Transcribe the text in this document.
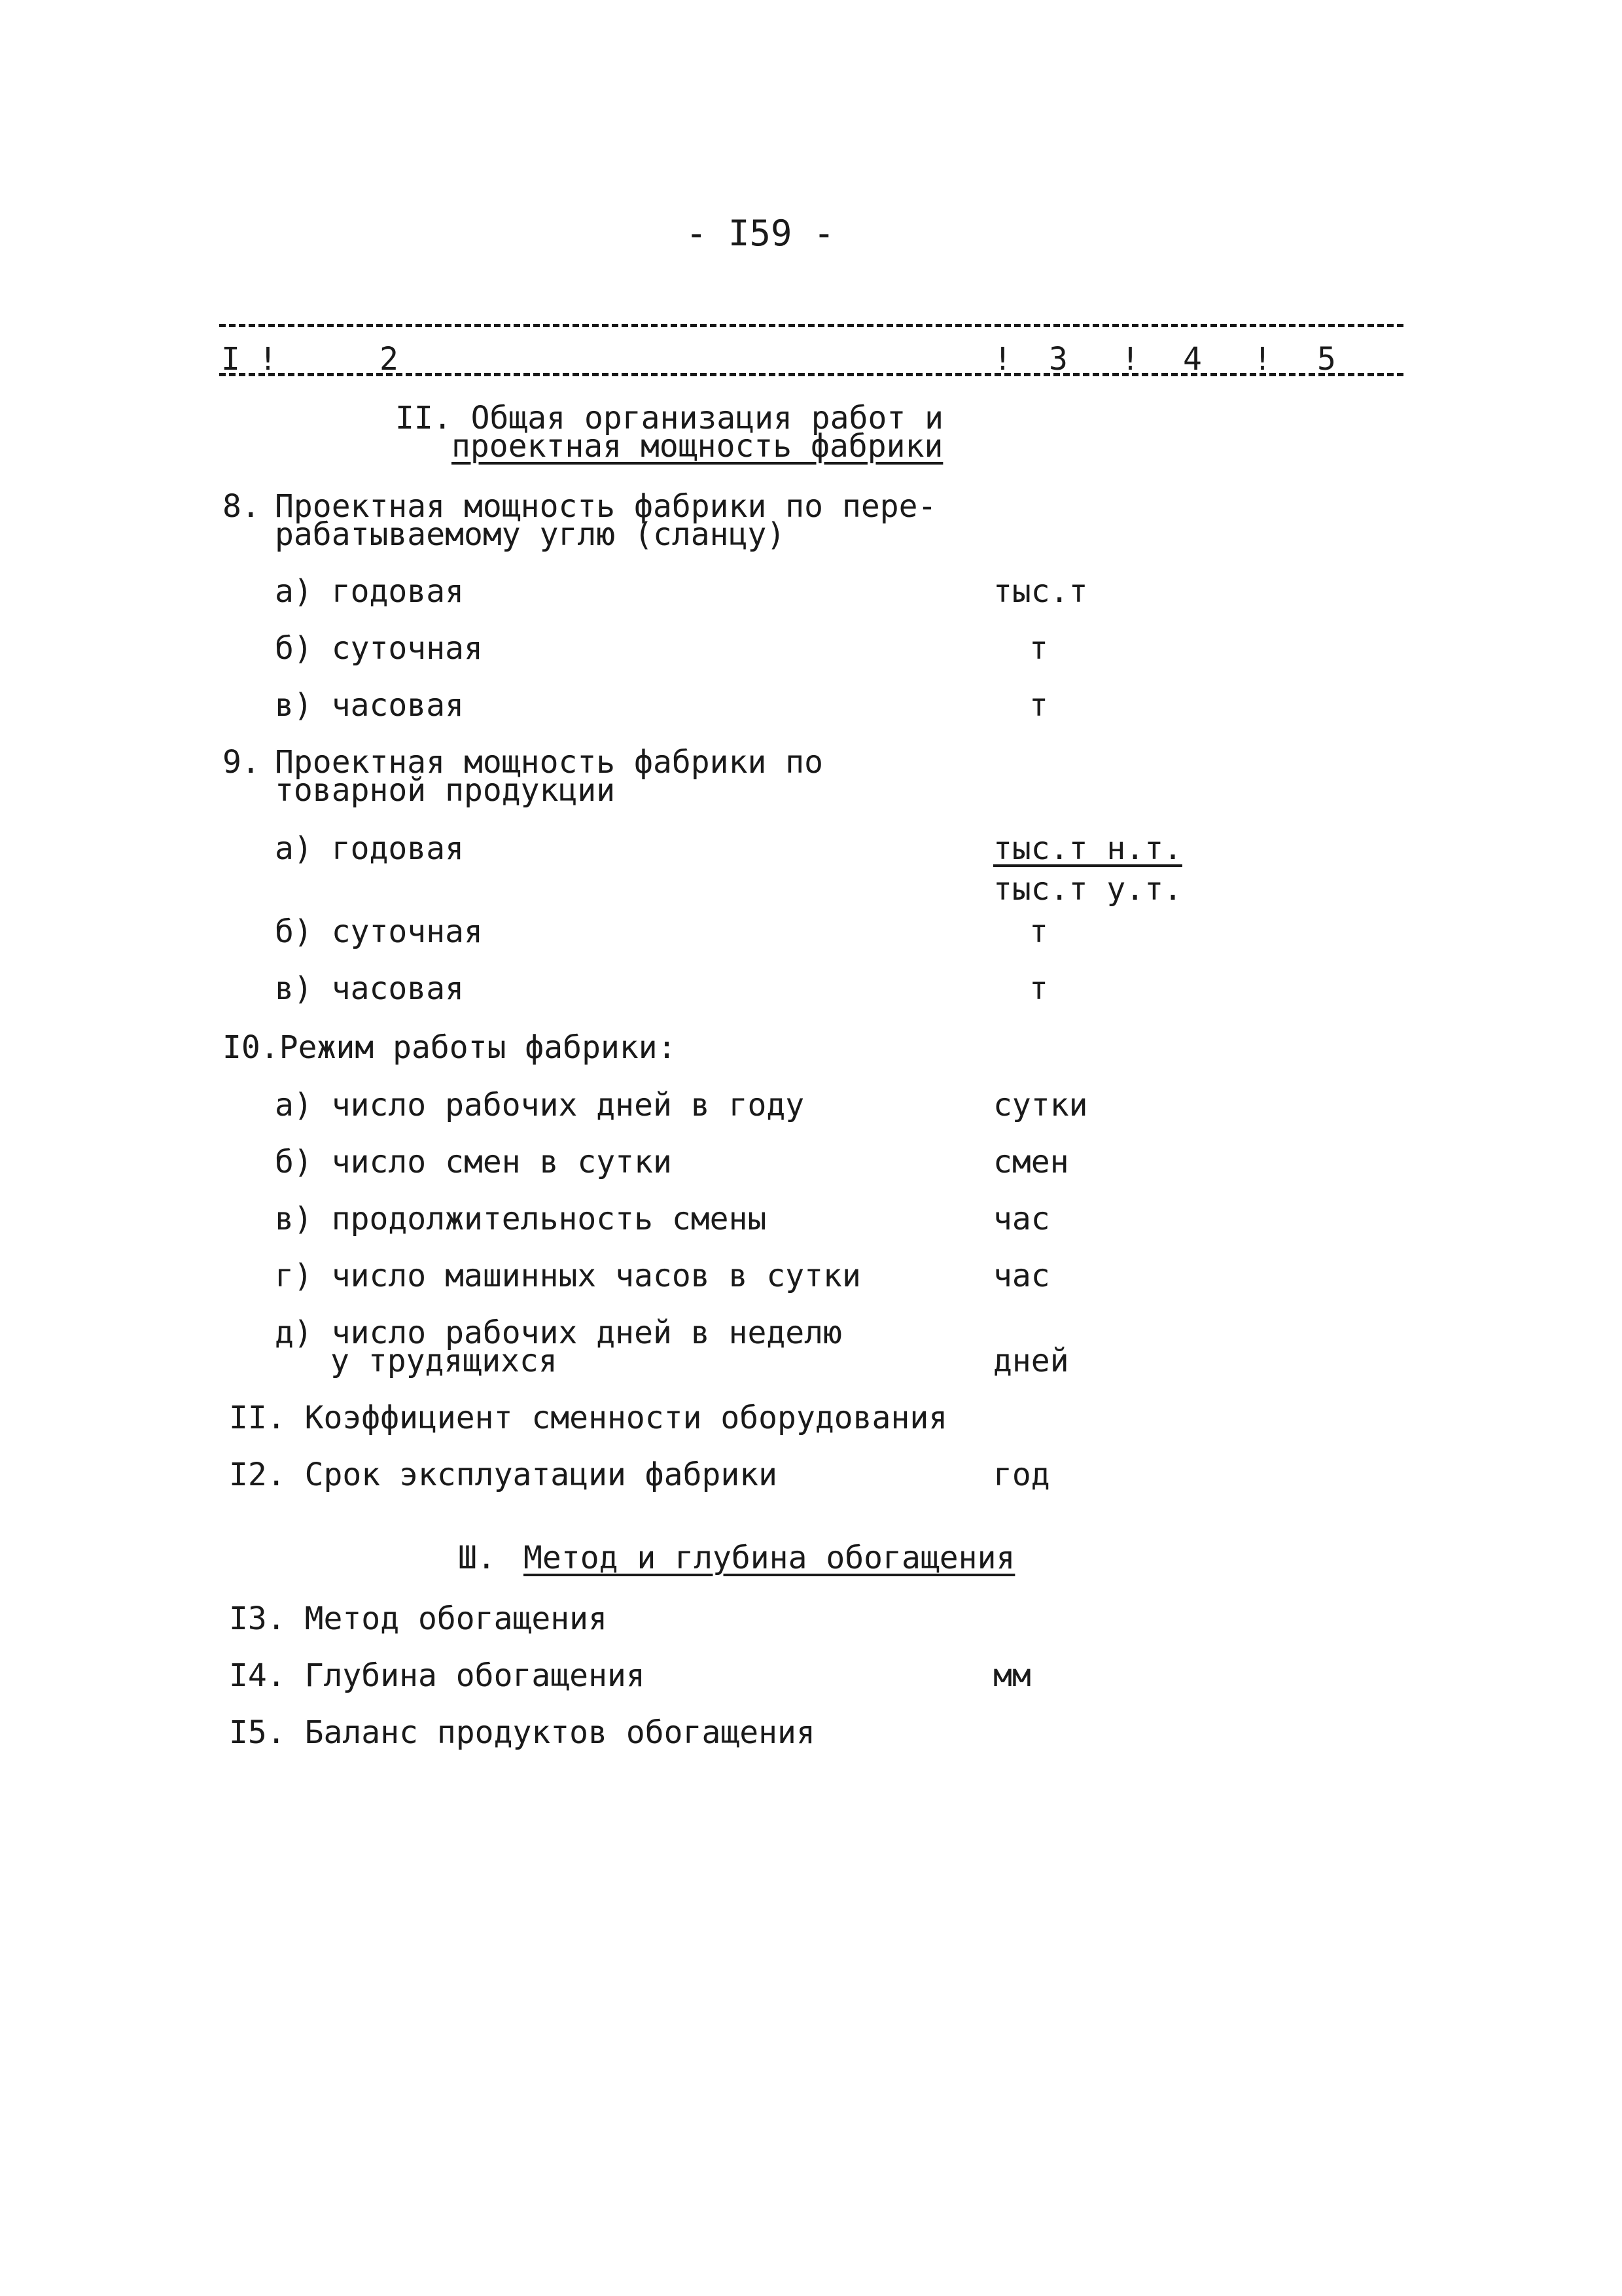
- I59 -
I !	2	! 3 ! 4 ! 5
II. Общая организация работ и
проектная мощность фабрики
8. Проектная мощность фабрики по пере-
рабатываемому углю (сланцу)
а) годовая	тыс.т
б) суточная	т
в) часовая	т
9. Проектная мощность фабрики по
товарной продукции
а) годовая	тыс.т н.т.
тыс.т у.т.
б) суточная	т
в) часовая	т
I0.Режим работы фабрики:
а) число рабочих дней в году	сутки
б) число смен в сутки	смен
в) продолжительность смены	час
г) число машинных часов в сутки	час
д) число рабочих дней в неделю
у трудящихся	дней
II. Коэффициент сменности оборудования
I2. Срок эксплуатации фабрики	год
Ш. Метод и глубина обогащения
I3. Метод обогащения
I4. Глубина обогащения	мм
I5. Баланс продуктов обогащения
